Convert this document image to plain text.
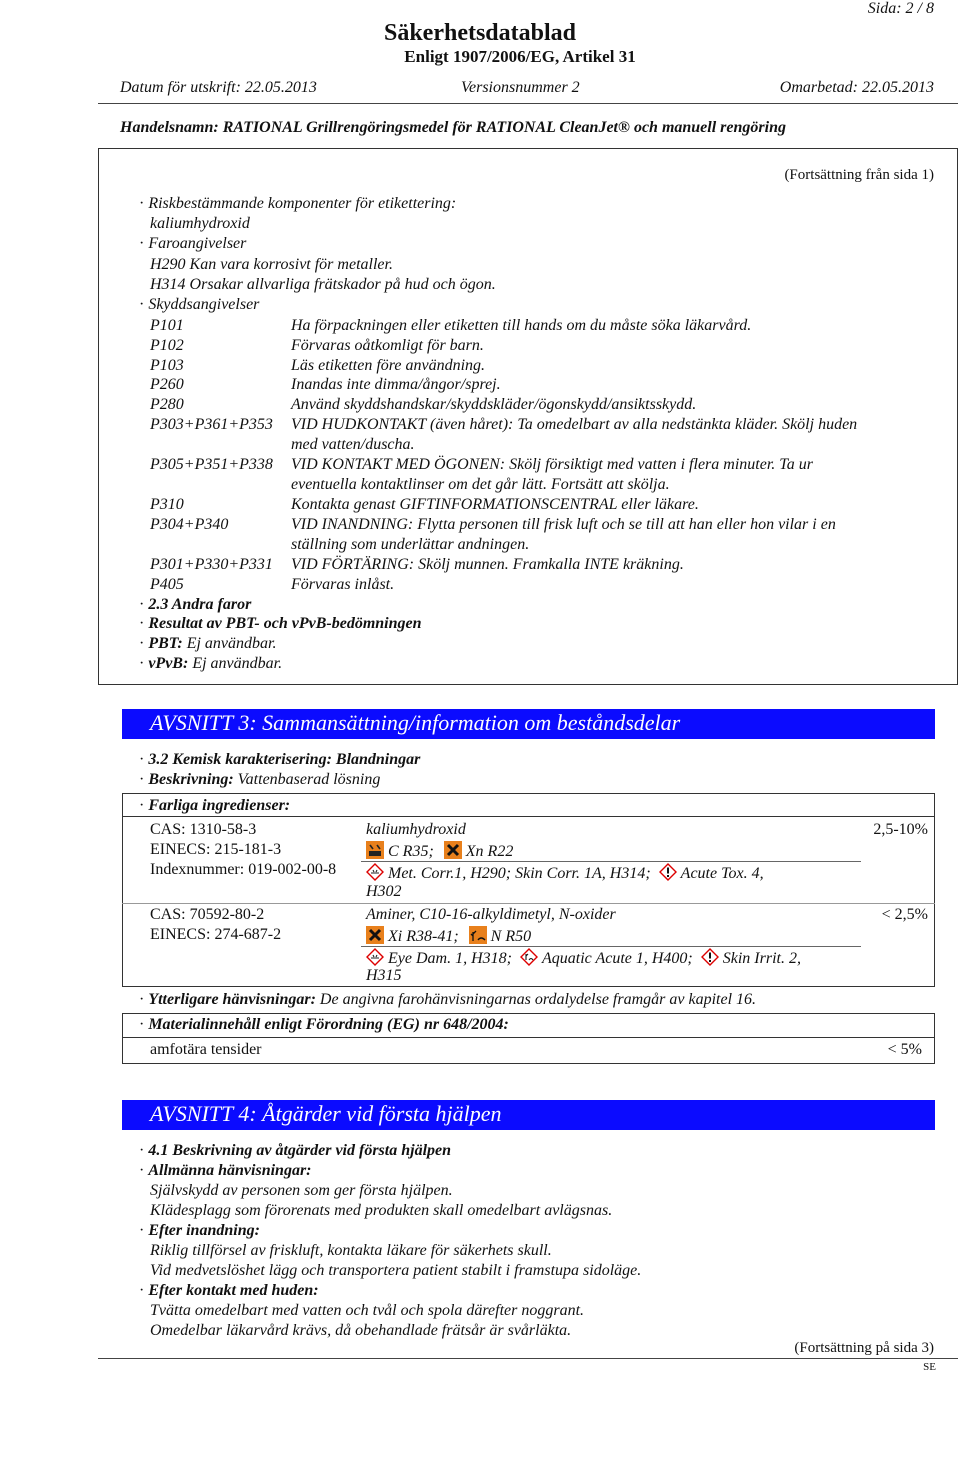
Sida: 2 / 8
Säkerhetsdatablad
Enligt 1907/2006/EG, Artikel 31
Datum för utskrift: 22.05.2013	Versionsnummer 2	Omarbetad: 22.05.2013
Handelsnamn: RATIONAL Grillrengöringsmedel för RATIONAL CleanJet® och manuell rengöring
(Fortsättning från sida 1)
· Riskbestämmande komponenter för etikettering:
kaliumhydroxid
· Faroangivelser
H290 Kan vara korrosivt för metaller.
H314 Orsakar allvarliga frätskador på hud och ögon.
· Skyddsangivelser
P101	Ha förpackningen eller etiketten till hands om du måste söka läkarvård.
P102	Förvaras oåtkomligt för barn.
P103	Läs etiketten före användning.
P260	Inandas inte dimma/ångor/sprej.
P280	Använd skyddshandskar/skyddskläder/ögonskydd/ansiktsskydd.
P303+P361+P353 VID HUDKONTAKT (även håret): Ta omedelbart av alla nedstänkta kläder. Skölj huden
med vatten/duscha.
P305+P351+P338 VID KONTAKT MED ÖGONEN: Skölj försiktigt med vatten i flera minuter. Ta ur
eventuella kontaktlinser om det går lätt. Fortsätt att skölja.
P310	Kontakta genast GIFTINFORMATIONSCENTRAL eller läkare.
P304+P340	VID INANDNING: Flytta personen till frisk luft och se till att han eller hon vilar i en
ställning som underlättar andningen.
P301+P330+P331 VID FÖRTÄRING: Skölj munnen. Framkalla INTE kräkning.
P405	Förvaras inlåst.
· 2.3 Andra faror
· Resultat av PBT- och vPvB-bedömningen
· PBT: Ej användbar.
· vPvB: Ej användbar.
AVSNITT 3: Sammansättning/information om beståndsdelar
· 3.2 Kemisk karakterisering: Blandningar
· Beskrivning: Vattenbaserad lösning
· Farliga ingredienser:
CAS: 1310-58-3
EINECS: 215-181-3
Indexnummer: 019-002-00-8
kaliumhydroxid	2,5-10%
C R35; Xn R22
Met. Corr.1, H290; Skin Corr. 1A, H314; Acute Tox. 4,
H302
CAS: 70592-80-2
EINECS: 274-687-2
Aminer, C10-16-alkyldimetyl, N-oxider	< 2,5%
Xi R38-41; N R50
Eye Dam. 1, H318; Aquatic Acute 1, H400; Skin Irrit. 2,
H315
· Ytterligare hänvisningar: De angivna farohänvisningarnas ordalydelse framgår av kapitel 16.
· Materialinnehåll enligt Förordning (EG) nr 648/2004:
amfotära tensider	< 5%
AVSNITT 4: Åtgärder vid första hjälpen
· 4.1 Beskrivning av åtgärder vid första hjälpen
· Allmänna hänvisningar:
Självskydd av personen som ger första hjälpen.
Klädesplagg som förorenats med produkten skall omedelbart avlägsnas.
· Efter inandning:
Riklig tillförsel av friskluft, kontakta läkare för säkerhets skull.
Vid medvetslöshet lägg och transportera patient stabilt i framstupa sidoläge.
· Efter kontakt med huden:
Tvätta omedelbart med vatten och tvål och spola därefter noggrant.
Omedelbar läkarvård krävs, då obehandlade frätsår är svårläkta.
(Fortsättning på sida 3)
SE
